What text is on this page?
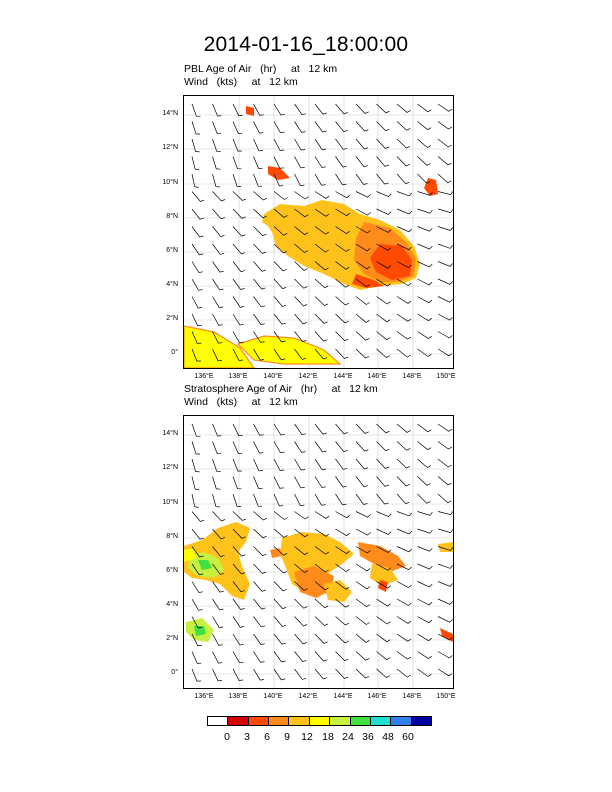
2014-01-16_18:00:00
PBL Age of Air   (hr)     at   12 km
Wind   (kts)     at   12 km
Stratosphere Age of Air   (hr)     at   12 km
Wind   (kts)     at   12 km
14°N
12°N
10°N
8°N
6°N
4°N
2°N
0°
136°E	138°E	140°E	142°E	144°E	146°E	148°E	150°E
14°N
12°N
10°N
8°N
6°N
4°N
2°N
0°
136°E	138°E	140°E	142°E	144°E	146°E	148°E	150°E
0	3	6	9	12 18 24 36 48 60
